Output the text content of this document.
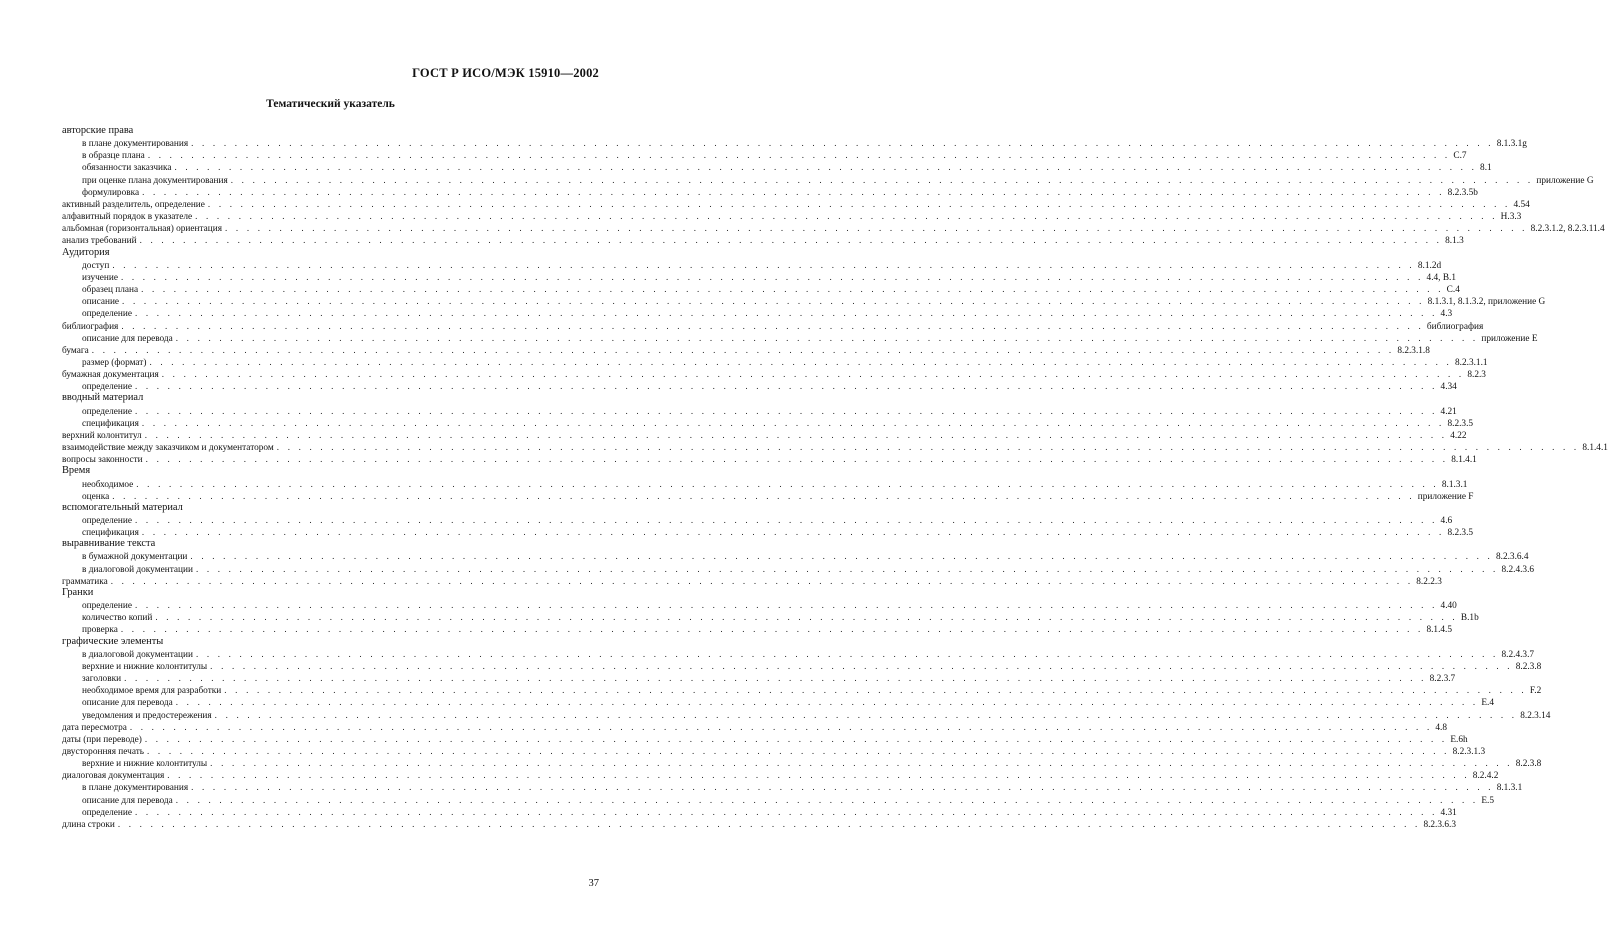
ГОСТ Р ИСО/МЭК 15910—2002
Тематический указатель
авторские права
в плане документирования . . . . . . . . . . . . . . . . . . . . . . . . . . . . . . . . . . . . . . . . . . . . . . . . . . . . . . . . . . . . . . . . . . . . . . . . . . . . . . . . . . . . . . . . . . . . . . . . . . . . . . . . . . . . . . . . . . . . . . . . 8.1.3.1g
в образце плана . . . . . . . . . . . . . . . . . . . . . . . . . . . . . . . . . . . . . . . . . . . . . . . . . . . . . . . . . . . . . . . . . . . . . . . . . . . . . . . . . . . . . . . . . . . . . . . . . . . . . . . . . . . . . . . . . . . . . . . . C.7
обязанности заказчика . . . . . . . . . . . . . . . . . . . . . . . . . . . . . . . . . . . . . . . . . . . . . . . . . . . . . . . . . . . . . . . . . . . . . . . . . . . . . . . . . . . . . . . . . . . . . . . . . . . . . . . . . . . . . . . . . . . . . . . . 8.1
при оценке плана документирования . . . . . . . . . . . . . . . . . . . . . . . . . . . . . . . . . . . . . . . . . . . . . . . . . . . . . . . . . . . . . . . . . . . . . . . . . . . . . . . . . . . . . . . . . . . . . . . . . . . . . . . . . . . . . . . . . . . . . . . . приложение G
формулировка . . . . . . . . . . . . . . . . . . . . . . . . . . . . . . . . . . . . . . . . . . . . . . . . . . . . . . . . . . . . . . . . . . . . . . . . . . . . . . . . . . . . . . . . . . . . . . . . . . . . . . . . . . . . . . . . . . . . . . . . 8.2.3.5b
активный разделитель, определение . . . . . . . . . . . . . . . . . . . . . . . . . . . . . . . . . . . . . . . . . . . . . . . . . . . . . . . . . . . . . . . . . . . . . . . . . . . . . . . . . . . . . . . . . . . . . . . . . . . . . . . . . . . . . . . . . . . . . . . . 4.54
алфавитный порядок в указателе . . . . . . . . . . . . . . . . . . . . . . . . . . . . . . . . . . . . . . . . . . . . . . . . . . . . . . . . . . . . . . . . . . . . . . . . . . . . . . . . . . . . . . . . . . . . . . . . . . . . . . . . . . . . . . . . . . . . . . . . H.3.3
альбомная (горизонтальная) ориентация . . . . . . . . . . . . . . . . . . . . . . . . . . . . . . . . . . . . . . . . . . . . . . . . . . . . . . . . . . . . . . . . . . . . . . . . . . . . . . . . . . . . . . . . . . . . . . . . . . . . . . . . . . . . . . . . . . . . . . . . 8.2.3.1.2, 8.2.3.11.4
анализ требований . . . . . . . . . . . . . . . . . . . . . . . . . . . . . . . . . . . . . . . . . . . . . . . . . . . . . . . . . . . . . . . . . . . . . . . . . . . . . . . . . . . . . . . . . . . . . . . . . . . . . . . . . . . . . . . . . . . . . . . . 8.1.3
Аудитория
доступ . . . . . . . . . . . . . . . . . . . . . . . . . . . . . . . . . . . . . . . . . . . . . . . . . . . . . . . . . . . . . . . . . . . . . . . . . . . . . . . . . . . . . . . . . . . . . . . . . . . . . . . . . . . . . . . . . . . . . . . . 8.1.2d
изучение . . . . . . . . . . . . . . . . . . . . . . . . . . . . . . . . . . . . . . . . . . . . . . . . . . . . . . . . . . . . . . . . . . . . . . . . . . . . . . . . . . . . . . . . . . . . . . . . . . . . . . . . . . . . . . . . . . . . . . . . 4.4, B.1
образец плана . . . . . . . . . . . . . . . . . . . . . . . . . . . . . . . . . . . . . . . . . . . . . . . . . . . . . . . . . . . . . . . . . . . . . . . . . . . . . . . . . . . . . . . . . . . . . . . . . . . . . . . . . . . . . . . . . . . . . . . . C.4
описание . . . . . . . . . . . . . . . . . . . . . . . . . . . . . . . . . . . . . . . . . . . . . . . . . . . . . . . . . . . . . . . . . . . . . . . . . . . . . . . . . . . . . . . . . . . . . . . . . . . . . . . . . . . . . . . . . . . . . . . . 8.1.3.1, 8.1.3.2, приложение G
определение . . . . . . . . . . . . . . . . . . . . . . . . . . . . . . . . . . . . . . . . . . . . . . . . . . . . . . . . . . . . . . . . . . . . . . . . . . . . . . . . . . . . . . . . . . . . . . . . . . . . . . . . . . . . . . . . . . . . . . . . 4.3
библиография . . . . . . . . . . . . . . . . . . . . . . . . . . . . . . . . . . . . . . . . . . . . . . . . . . . . . . . . . . . . . . . . . . . . . . . . . . . . . . . . . . . . . . . . . . . . . . . . . . . . . . . . . . . . . . . . . . . . . . . . библиография
описание для перевода . . . . . . . . . . . . . . . . . . . . . . . . . . . . . . . . . . . . . . . . . . . . . . . . . . . . . . . . . . . . . . . . . . . . . . . . . . . . . . . . . . . . . . . . . . . . . . . . . . . . . . . . . . . . . . . . . . . . . . . . приложение E
бумага . . . . . . . . . . . . . . . . . . . . . . . . . . . . . . . . . . . . . . . . . . . . . . . . . . . . . . . . . . . . . . . . . . . . . . . . . . . . . . . . . . . . . . . . . . . . . . . . . . . . . . . . . . . . . . . . . . . . . . . . 8.2.3.1.8
размер (формат) . . . . . . . . . . . . . . . . . . . . . . . . . . . . . . . . . . . . . . . . . . . . . . . . . . . . . . . . . . . . . . . . . . . . . . . . . . . . . . . . . . . . . . . . . . . . . . . . . . . . . . . . . . . . . . . . . . . . . . . . 8.2.3.1.1
бумажная документация . . . . . . . . . . . . . . . . . . . . . . . . . . . . . . . . . . . . . . . . . . . . . . . . . . . . . . . . . . . . . . . . . . . . . . . . . . . . . . . . . . . . . . . . . . . . . . . . . . . . . . . . . . . . . . . . . . . . . . . . 8.2.3
определение . . . . . . . . . . . . . . . . . . . . . . . . . . . . . . . . . . . . . . . . . . . . . . . . . . . . . . . . . . . . . . . . . . . . . . . . . . . . . . . . . . . . . . . . . . . . . . . . . . . . . . . . . . . . . . . . . . . . . . . . 4.34
вводный материал
определение . . . . . . . . . . . . . . . . . . . . . . . . . . . . . . . . . . . . . . . . . . . . . . . . . . . . . . . . . . . . . . . . . . . . . . . . . . . . . . . . . . . . . . . . . . . . . . . . . . . . . . . . . . . . . . . . . . . . . . . . 4.21
спецификация . . . . . . . . . . . . . . . . . . . . . . . . . . . . . . . . . . . . . . . . . . . . . . . . . . . . . . . . . . . . . . . . . . . . . . . . . . . . . . . . . . . . . . . . . . . . . . . . . . . . . . . . . . . . . . . . . . . . . . . . 8.2.3.5
верхний колонтитул . . . . . . . . . . . . . . . . . . . . . . . . . . . . . . . . . . . . . . . . . . . . . . . . . . . . . . . . . . . . . . . . . . . . . . . . . . . . . . . . . . . . . . . . . . . . . . . . . . . . . . . . . . . . . . . . . . . . . . . . 4.22
взаимодействие между заказчиком и документатором . . . . . . . . . . . . . . . . . . . . . . . . . . . . . . . . . . . . . . . . . . . . . . . . . . . . . . . . . . . . . . . . . . . . . . . . . . . . . . . . . . . . . . . . . . . . . . . . . . . . . . . . . . . . . . . . . . . . . . . . 8.1.4.1
вопросы законности . . . . . . . . . . . . . . . . . . . . . . . . . . . . . . . . . . . . . . . . . . . . . . . . . . . . . . . . . . . . . . . . . . . . . . . . . . . . . . . . . . . . . . . . . . . . . . . . . . . . . . . . . . . . . . . . . . . . . . . . 8.1.4.1
Время
необходимое . . . . . . . . . . . . . . . . . . . . . . . . . . . . . . . . . . . . . . . . . . . . . . . . . . . . . . . . . . . . . . . . . . . . . . . . . . . . . . . . . . . . . . . . . . . . . . . . . . . . . . . . . . . . . . . . . . . . . . . . 8.1.3.1
оценка . . . . . . . . . . . . . . . . . . . . . . . . . . . . . . . . . . . . . . . . . . . . . . . . . . . . . . . . . . . . . . . . . . . . . . . . . . . . . . . . . . . . . . . . . . . . . . . . . . . . . . . . . . . . . . . . . . . . . . . . приложение F
вспомогательный материал
определение . . . . . . . . . . . . . . . . . . . . . . . . . . . . . . . . . . . . . . . . . . . . . . . . . . . . . . . . . . . . . . . . . . . . . . . . . . . . . . . . . . . . . . . . . . . . . . . . . . . . . . . . . . . . . . . . . . . . . . . . 4.6
спецификация . . . . . . . . . . . . . . . . . . . . . . . . . . . . . . . . . . . . . . . . . . . . . . . . . . . . . . . . . . . . . . . . . . . . . . . . . . . . . . . . . . . . . . . . . . . . . . . . . . . . . . . . . . . . . . . . . . . . . . . . 8.2.3.5
выравнивание текста
в бумажной документации . . . . . . . . . . . . . . . . . . . . . . . . . . . . . . . . . . . . . . . . . . . . . . . . . . . . . . . . . . . . . . . . . . . . . . . . . . . . . . . . . . . . . . . . . . . . . . . . . . . . . . . . . . . . . . . . . . . . . . . . 8.2.3.6.4
в диалоговой документации . . . . . . . . . . . . . . . . . . . . . . . . . . . . . . . . . . . . . . . . . . . . . . . . . . . . . . . . . . . . . . . . . . . . . . . . . . . . . . . . . . . . . . . . . . . . . . . . . . . . . . . . . . . . . . . . . . . . . . . . 8.2.4.3.6
грамматика . . . . . . . . . . . . . . . . . . . . . . . . . . . . . . . . . . . . . . . . . . . . . . . . . . . . . . . . . . . . . . . . . . . . . . . . . . . . . . . . . . . . . . . . . . . . . . . . . . . . . . . . . . . . . . . . . . . . . . . . 8.2.2.3
Гранки
определение . . . . . . . . . . . . . . . . . . . . . . . . . . . . . . . . . . . . . . . . . . . . . . . . . . . . . . . . . . . . . . . . . . . . . . . . . . . . . . . . . . . . . . . . . . . . . . . . . . . . . . . . . . . . . . . . . . . . . . . . 4.40
количество копий . . . . . . . . . . . . . . . . . . . . . . . . . . . . . . . . . . . . . . . . . . . . . . . . . . . . . . . . . . . . . . . . . . . . . . . . . . . . . . . . . . . . . . . . . . . . . . . . . . . . . . . . . . . . . . . . . . . . . . . . B.1b
проверка . . . . . . . . . . . . . . . . . . . . . . . . . . . . . . . . . . . . . . . . . . . . . . . . . . . . . . . . . . . . . . . . . . . . . . . . . . . . . . . . . . . . . . . . . . . . . . . . . . . . . . . . . . . . . . . . . . . . . . . . 8.1.4.5
графические элементы
в диалоговой документации . . . . . . . . . . . . . . . . . . . . . . . . . . . . . . . . . . . . . . . . . . . . . . . . . . . . . . . . . . . . . . . . . . . . . . . . . . . . . . . . . . . . . . . . . . . . . . . . . . . . . . . . . . . . . . . . . . . . . . . . 8.2.4.3.7
верхние и нижние колонтитулы . . . . . . . . . . . . . . . . . . . . . . . . . . . . . . . . . . . . . . . . . . . . . . . . . . . . . . . . . . . . . . . . . . . . . . . . . . . . . . . . . . . . . . . . . . . . . . . . . . . . . . . . . . . . . . . . . . . . . . . . 8.2.3.8
заголовки . . . . . . . . . . . . . . . . . . . . . . . . . . . . . . . . . . . . . . . . . . . . . . . . . . . . . . . . . . . . . . . . . . . . . . . . . . . . . . . . . . . . . . . . . . . . . . . . . . . . . . . . . . . . . . . . . . . . . . . . 8.2.3.7
необходимое время для разработки . . . . . . . . . . . . . . . . . . . . . . . . . . . . . . . . . . . . . . . . . . . . . . . . . . . . . . . . . . . . . . . . . . . . . . . . . . . . . . . . . . . . . . . . . . . . . . . . . . . . . . . . . . . . . . . . . . . . . . . . F.2
описание для перевода . . . . . . . . . . . . . . . . . . . . . . . . . . . . . . . . . . . . . . . . . . . . . . . . . . . . . . . . . . . . . . . . . . . . . . . . . . . . . . . . . . . . . . . . . . . . . . . . . . . . . . . . . . . . . . . . . . . . . . . . E.4
уведомления и предостережения . . . . . . . . . . . . . . . . . . . . . . . . . . . . . . . . . . . . . . . . . . . . . . . . . . . . . . . . . . . . . . . . . . . . . . . . . . . . . . . . . . . . . . . . . . . . . . . . . . . . . . . . . . . . . . . . . . . . . . . . 8.2.3.14
дата пересмотра . . . . . . . . . . . . . . . . . . . . . . . . . . . . . . . . . . . . . . . . . . . . . . . . . . . . . . . . . . . . . . . . . . . . . . . . . . . . . . . . . . . . . . . . . . . . . . . . . . . . . . . . . . . . . . . . . . . . . . . . 4.8
даты (при переводе) . . . . . . . . . . . . . . . . . . . . . . . . . . . . . . . . . . . . . . . . . . . . . . . . . . . . . . . . . . . . . . . . . . . . . . . . . . . . . . . . . . . . . . . . . . . . . . . . . . . . . . . . . . . . . . . . . . . . . . . . E.6h
двусторонняя печать . . . . . . . . . . . . . . . . . . . . . . . . . . . . . . . . . . . . . . . . . . . . . . . . . . . . . . . . . . . . . . . . . . . . . . . . . . . . . . . . . . . . . . . . . . . . . . . . . . . . . . . . . . . . . . . . . . . . . . . . 8.2.3.1.3
верхние и нижние колонтитулы . . . . . . . . . . . . . . . . . . . . . . . . . . . . . . . . . . . . . . . . . . . . . . . . . . . . . . . . . . . . . . . . . . . . . . . . . . . . . . . . . . . . . . . . . . . . . . . . . . . . . . . . . . . . . . . . . . . . . . . . 8.2.3.8
диалоговая документация . . . . . . . . . . . . . . . . . . . . . . . . . . . . . . . . . . . . . . . . . . . . . . . . . . . . . . . . . . . . . . . . . . . . . . . . . . . . . . . . . . . . . . . . . . . . . . . . . . . . . . . . . . . . . . . . . . . . . . . . 8.2.4.2
в плане документирования . . . . . . . . . . . . . . . . . . . . . . . . . . . . . . . . . . . . . . . . . . . . . . . . . . . . . . . . . . . . . . . . . . . . . . . . . . . . . . . . . . . . . . . . . . . . . . . . . . . . . . . . . . . . . . . . . . . . . . . . 8.1.3.1
описание для перевода . . . . . . . . . . . . . . . . . . . . . . . . . . . . . . . . . . . . . . . . . . . . . . . . . . . . . . . . . . . . . . . . . . . . . . . . . . . . . . . . . . . . . . . . . . . . . . . . . . . . . . . . . . . . . . . . . . . . . . . . E.5
определение . . . . . . . . . . . . . . . . . . . . . . . . . . . . . . . . . . . . . . . . . . . . . . . . . . . . . . . . . . . . . . . . . . . . . . . . . . . . . . . . . . . . . . . . . . . . . . . . . . . . . . . . . . . . . . . . . . . . . . . . 4.31
длина строки . . . . . . . . . . . . . . . . . . . . . . . . . . . . . . . . . . . . . . . . . . . . . . . . . . . . . . . . . . . . . . . . . . . . . . . . . . . . . . . . . . . . . . . . . . . . . . . . . . . . . . . . . . . . . . . . . . . . . . . . 8.2.3.6.3
37
